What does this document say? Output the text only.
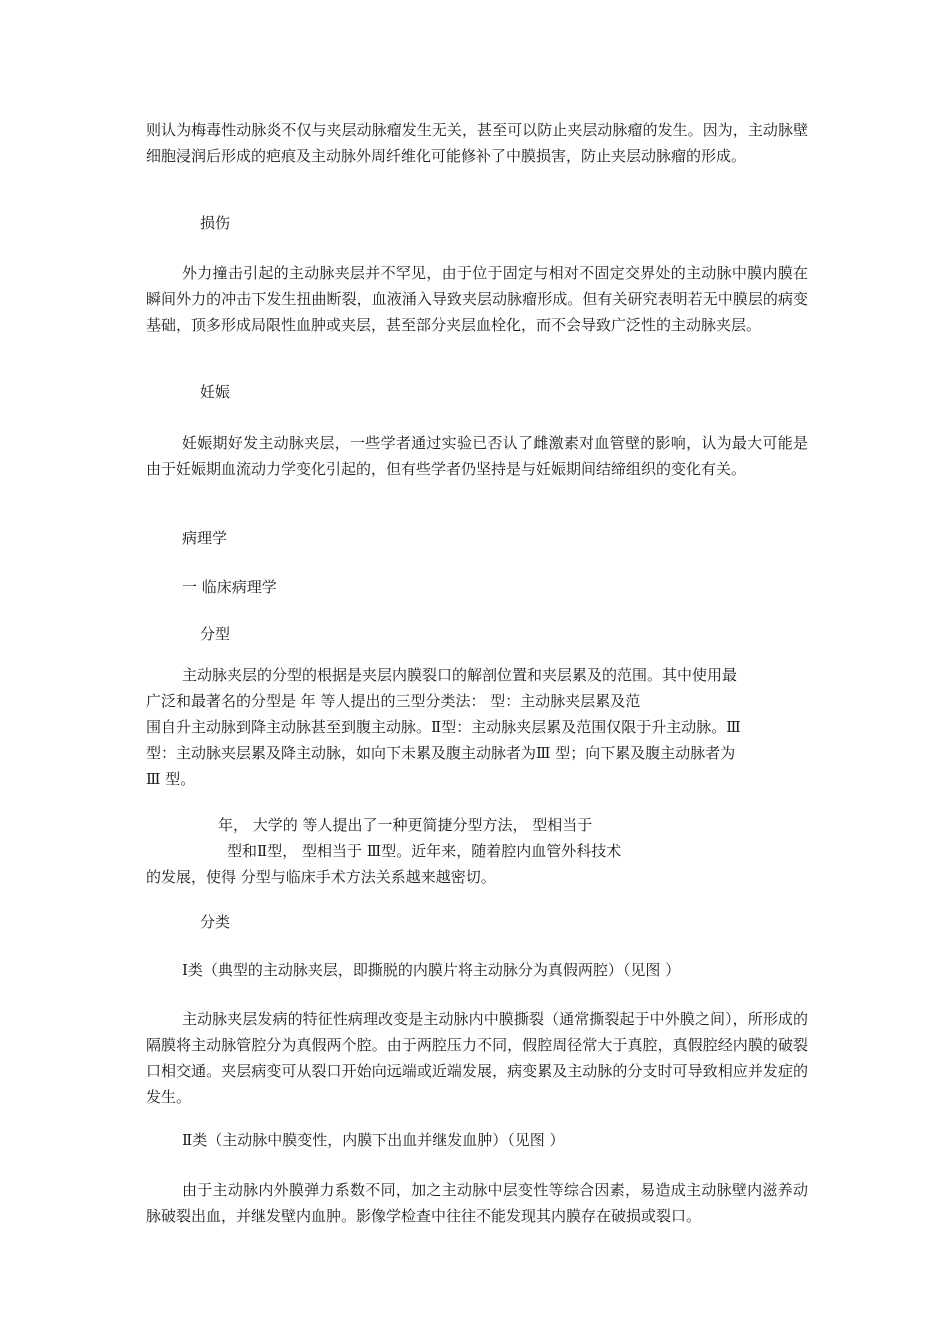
则认为梅毒性动脉炎不仅与夹层动脉瘤发生无关，甚至可以防止夹层动脉瘤的发生。因为，主动脉壁细胞浸润后形成的疤痕及主动脉外周纤维化可能修补了中膜损害，防止夹层动脉瘤的形成。

损伤

外力撞击引起的主动脉夹层并不罕见，由于位于固定与相对不固定交界处的主动脉中膜内膜在瞬间外力的冲击下发生扭曲断裂，血液涌入导致夹层动脉瘤形成。但有关研究表明若无中膜层的病变基础，顶多形成局限性血肿或夹层，甚至部分夹层血栓化，而不会导致广泛性的主动脉夹层。

妊娠

妊娠期好发主动脉夹层，一些学者通过实验已否认了雌激素对血管壁的影响，认为最大可能是由于妊娠期血流动力学变化引起的，但有些学者仍坚持是与妊娠期间结缔组织的变化有关。

病理学

一 临床病理学

分型

主动脉夹层的分型的根据是夹层内膜裂口的解剖位置和夹层累及的范围。其中使用最

广泛和最著名的分型是 年 等人提出的三型分类法： 型：主动脉夹层累及范

围自升主动脉到降主动脉甚至到腹主动脉。Ⅱ型：主动脉夹层累及范围仅限于升主动脉。Ⅲ

型：主动脉夹层累及降主动脉，如向下未累及腹主动脉者为Ⅲ 型；向下累及腹主动脉者为

Ⅲ 型。

年， 大学的 等人提出了一种更简捷分型方法， 型相当于

型和Ⅱ型， 型相当于 Ⅲ型。近年来，随着腔内血管外科技术

的发展，使得 分型与临床手术方法关系越来越密切。

分类

Ⅰ类（典型的主动脉夹层，即撕脱的内膜片将主动脉分为真假两腔）（见图 ）

主动脉夹层发病的特征性病理改变是主动脉内中膜撕裂（通常撕裂起于中外膜之间），所形成的隔膜将主动脉管腔分为真假两个腔。由于两腔压力不同，假腔周径常大于真腔，真假腔经内膜的破裂口相交通。夹层病变可从裂口开始向远端或近端发展，病变累及主动脉的分支时可导致相应并发症的发生。

Ⅱ类（主动脉中膜变性，内膜下出血并继发血肿）（见图 ）

由于主动脉内外膜弹力系数不同，加之主动脉中层变性等综合因素，易造成主动脉壁内滋养动脉破裂出血，并继发壁内血肿。影像学检查中往往不能发现其内膜存在破损或裂口。
